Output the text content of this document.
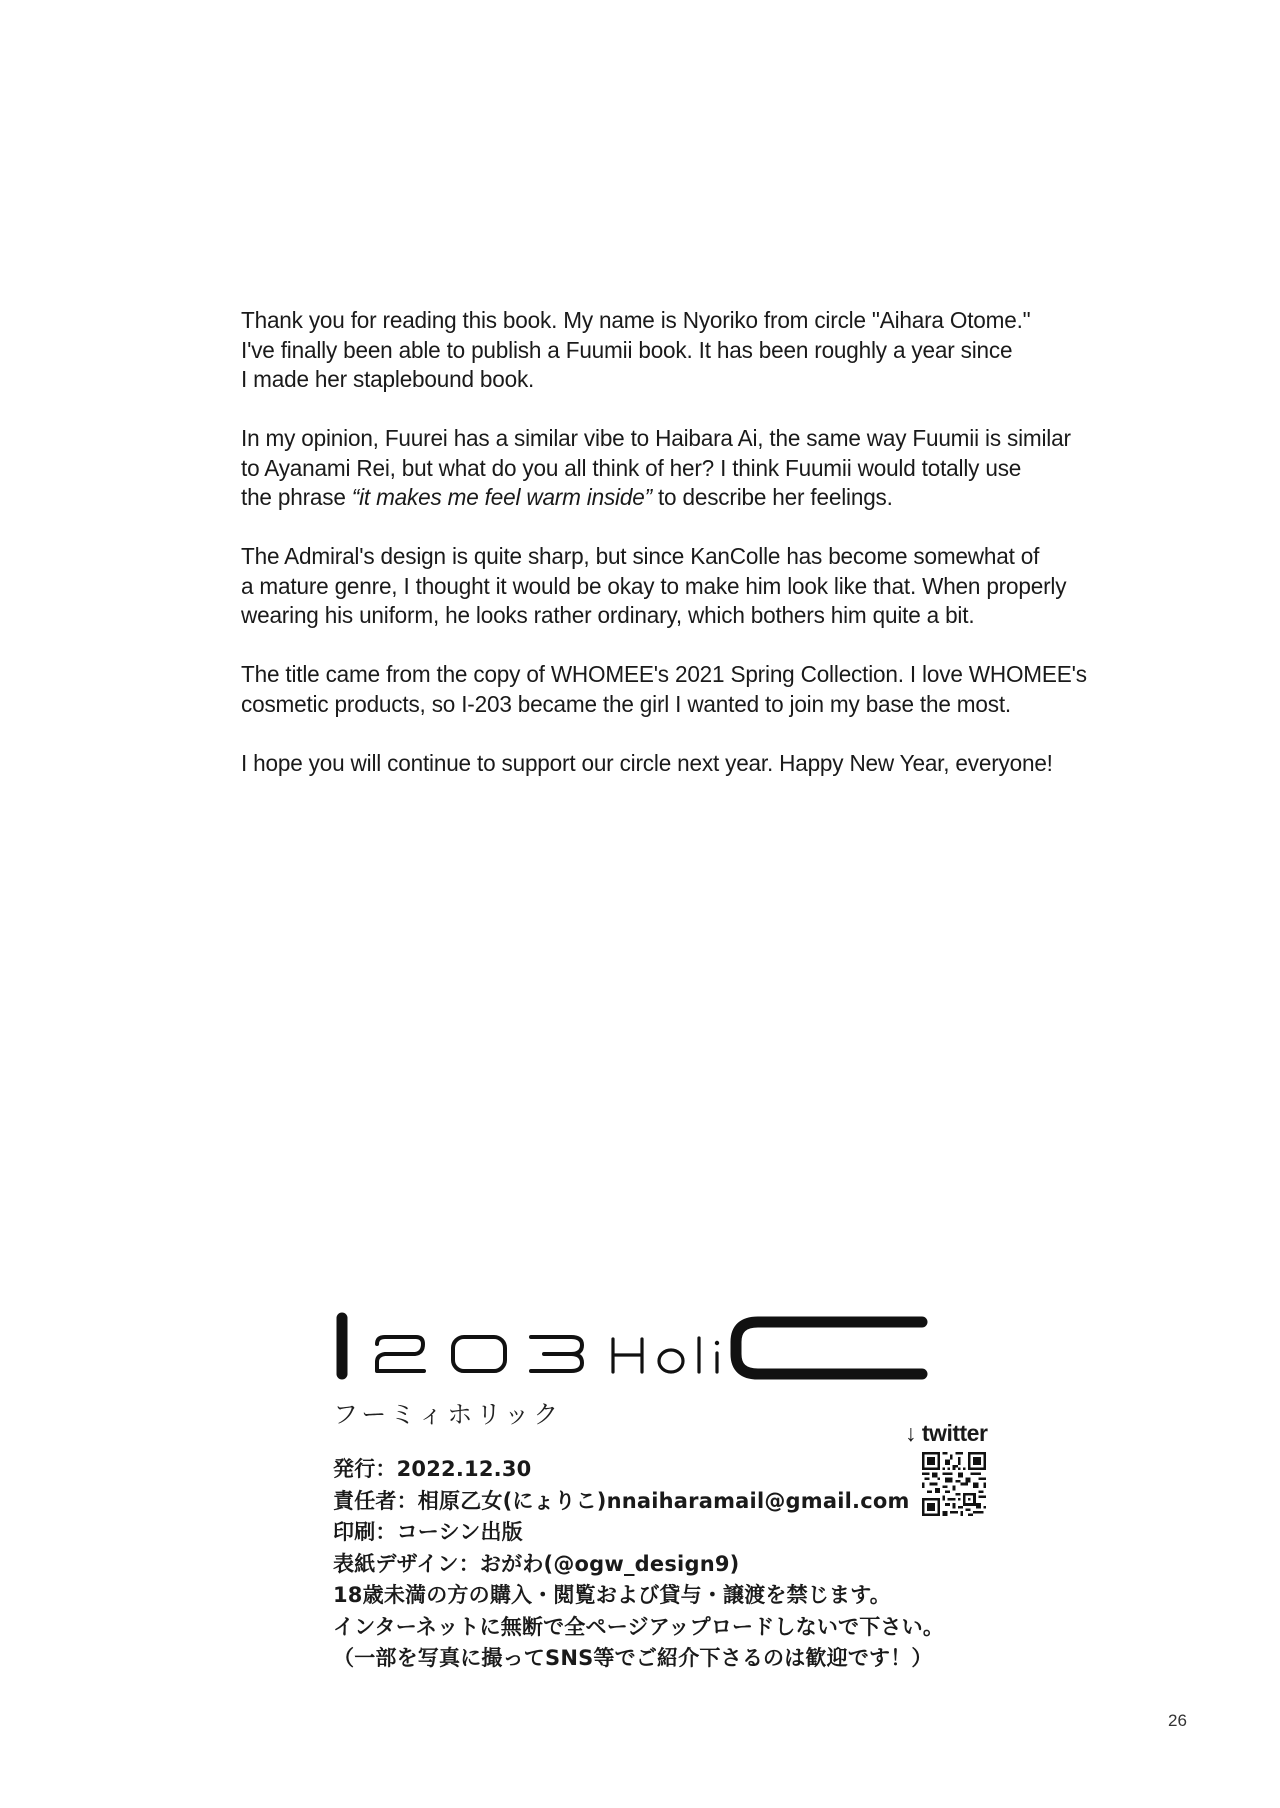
Thank you for reading this book. My name is Nyoriko from circle "Aihara Otome."
I've finally been able to publish a Fuumii book. It has been roughly a year since
I made her staplebound book.

In my opinion, Fuurei has a similar vibe to Haibara Ai, the same way Fuumii is similar
to Ayanami Rei, but what do you all think of her? I think Fuumii would totally use
the phrase “it makes me feel warm inside” to describe her feelings.

The Admiral's design is quite sharp, but since KanColle has become somewhat of
a mature genre, I thought it would be okay to make him look like that. When properly
wearing his uniform, he looks rather ordinary, which bothers him quite a bit.

The title came from the copy of WHOMEE's 2021 Spring Collection. I love WHOMEE's
cosmetic products, so I-203 became the girl I wanted to join my base the most.

I hope you will continue to support our circle next year. Happy New Year, everyone!

フーミィホリック
↓ twitter
発行：2022.12.30
責任者：相原乙女(にょりこ)nnaiharamail@gmail.com
印刷：コーシン出版
表紙デザイン：おがわ(@ogw_design9)
18歳未満の方の購入・閲覧および貸与・譲渡を禁じます。
インターネットに無断で全ページアップロードしないで下さい。
（一部を写真に撮ってSNS等でご紹介下さるのは歓迎です！）
26
